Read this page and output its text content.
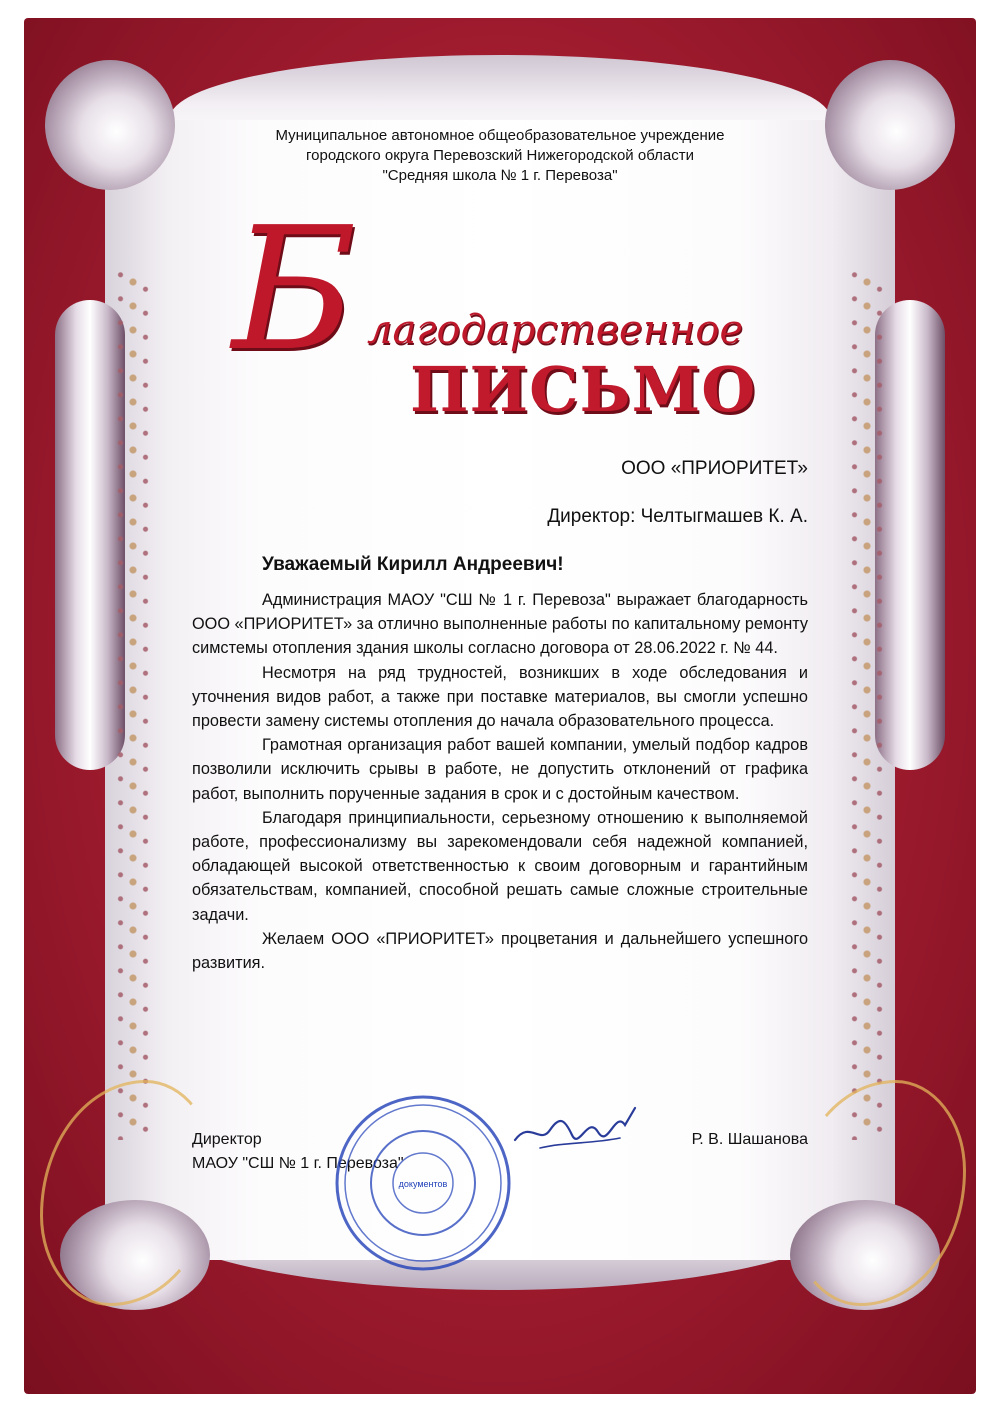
Муниципальное автономное общеобразовательное учреждение
городского округа Перевозский Нижегородской области
"Средняя школа № 1 г. Перевоза"
Б лагодарственное
ПИСЬМО
ООО «ПРИОРИТЕТ»
Директор: Челтыгмашев К. А.
Уважаемый Кирилл Андреевич!

Администрация МАОУ "СШ № 1 г. Перевоза" выражает благодарность ООО «ПРИОРИТЕТ» за отлично выполненные работы по капитальному ремонту симстемы отопления здания школы согласно договора от 28.06.2022 г. № 44.

Несмотря на ряд трудностей, возникших в ходе обследования и уточнения видов работ, а также при поставке материалов, вы смогли успешно провести замену системы отопления до начала образовательного процесса.

Грамотная организация работ вашей компании, умелый подбор кадров позволили исключить срывы в работе, не допустить отклонений от графика работ, выполнить порученные задания в срок и с достойным качеством.

Благодаря принципиальности, серьезному отношению к выполняемой работе, профессионализму вы зарекомендовали себя надежной компанией, обладающей высокой ответственностью к своим договорным и гарантийным обязательствам, компанией, способной решать самые сложные строительные задачи.

Желаем ООО «ПРИОРИТЕТ» процветания и дальнейшего успешного развития.

Директор
МАОУ "СШ № 1 г. Перевоза"
Р. В. Шашанова
документов
